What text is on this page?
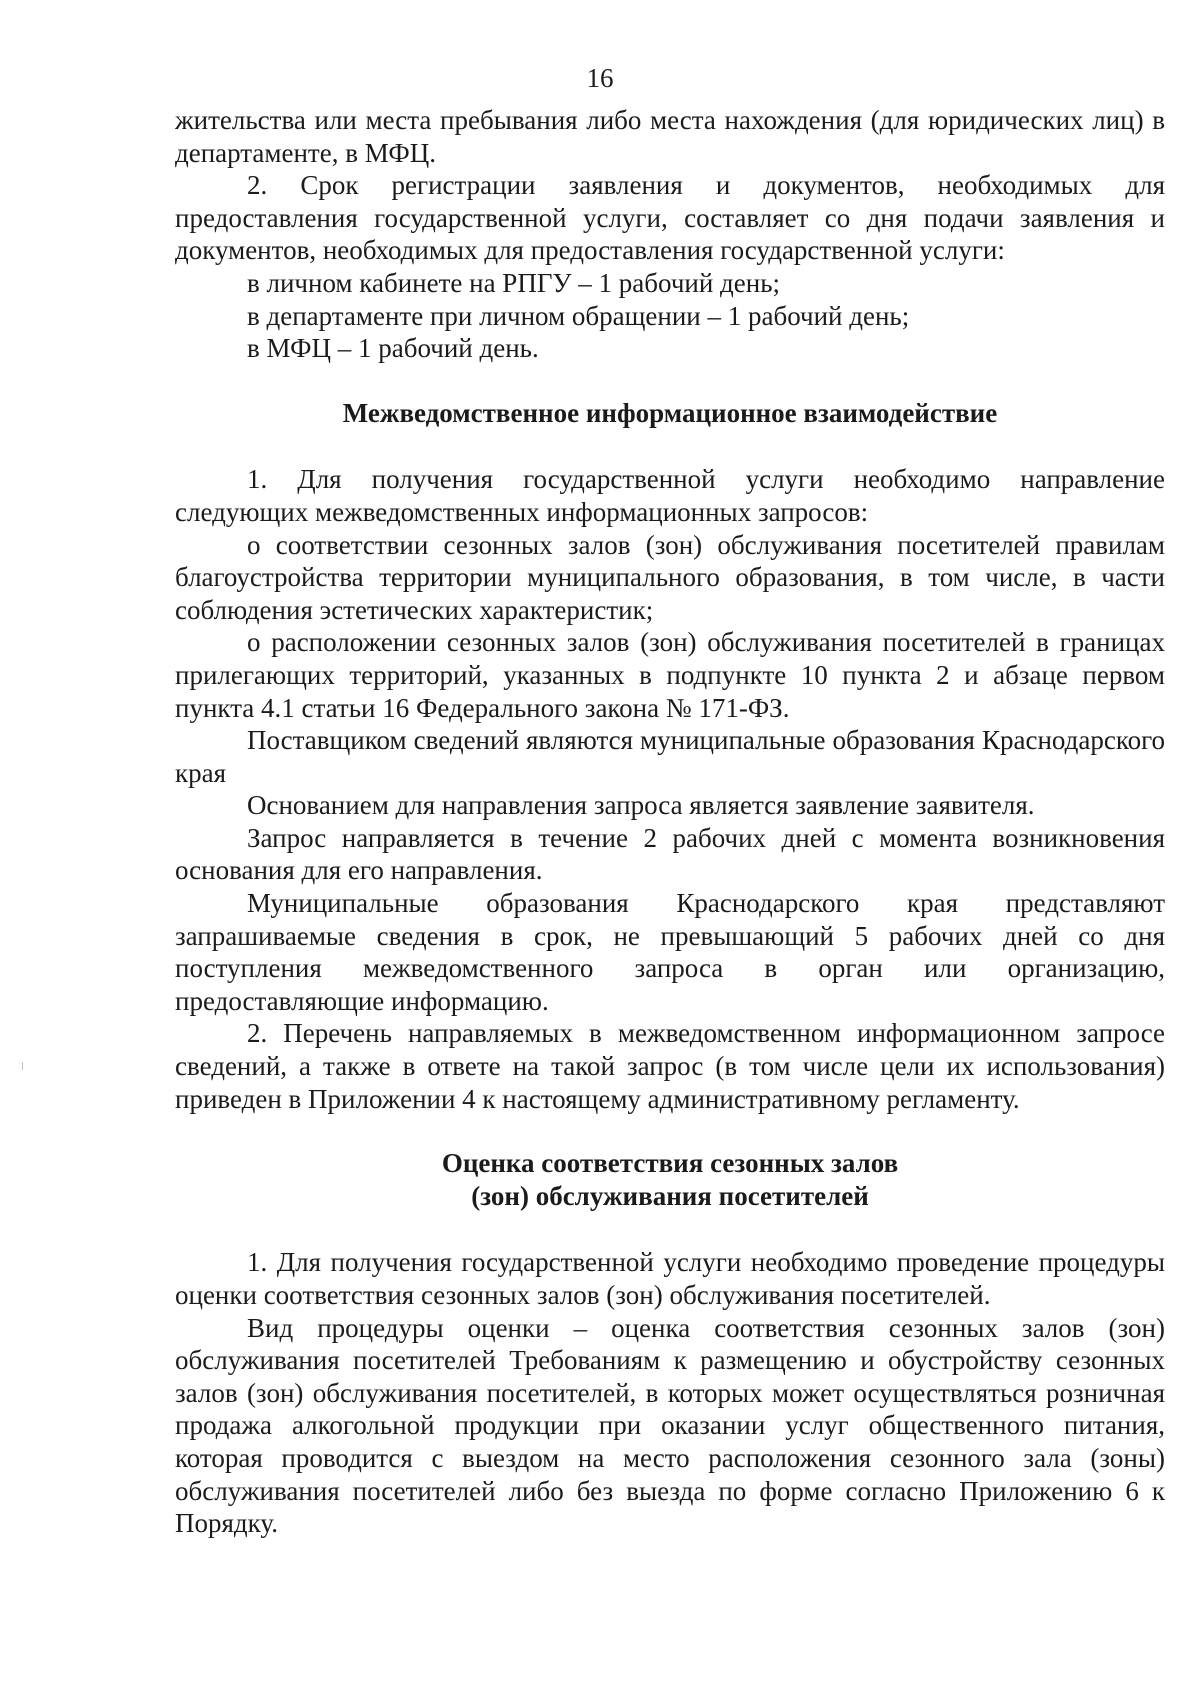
16

жительства или места пребывания либо места нахождения (для юридических лиц) в департаменте, в МФЦ.

2. Срок регистрации заявления и документов, необходимых для предоставления государственной услуги, составляет со дня подачи заявления и документов, необходимых для предоставления государственной услуги:

в личном кабинете на РПГУ – 1 рабочий день;

в департаменте при личном обращении – 1 рабочий день;

в МФЦ – 1 рабочий день.

Межведомственное информационное взаимодействие

1. Для получения государственной услуги необходимо направление следующих межведомственных информационных запросов:

о соответствии сезонных залов (зон) обслуживания посетителей правилам благоустройства территории муниципального образования, в том числе, в части соблюдения эстетических характеристик;

о расположении сезонных залов (зон) обслуживания посетителей в границах прилегающих территорий, указанных в подпункте 10 пункта 2 и абзаце первом пункта 4.1 статьи 16 Федерального закона № 171-ФЗ.

Поставщиком сведений являются муниципальные образования Краснодарского края

Основанием для направления запроса является заявление заявителя.

Запрос направляется в течение 2 рабочих дней с момента возникновения основания для его направления.

Муниципальные образования Краснодарского края представляют запрашиваемые сведения в срок, не превышающий 5 рабочих дней со дня поступления межведомственного запроса в орган или организацию, предоставляющие информацию.

2. Перечень направляемых в межведомственном информационном запросе сведений, а также в ответе на такой запрос (в том числе цели их использования) приведен в Приложении 4 к настоящему административному регламенту.

Оценка соответствия сезонных залов

(зон) обслуживания посетителей

1. Для получения государственной услуги необходимо проведение процедуры оценки соответствия сезонных залов (зон) обслуживания посетителей.

Вид процедуры оценки – оценка соответствия сезонных залов (зон) обслуживания посетителей Требованиям к размещению и обустройству сезонных залов (зон) обслуживания посетителей, в которых может осуществляться розничная продажа алкогольной продукции при оказании услуг общественного питания, которая проводится с выездом на место расположения сезонного зала (зоны) обслуживания посетителей либо без выезда по форме согласно Приложению 6 к Порядку.
